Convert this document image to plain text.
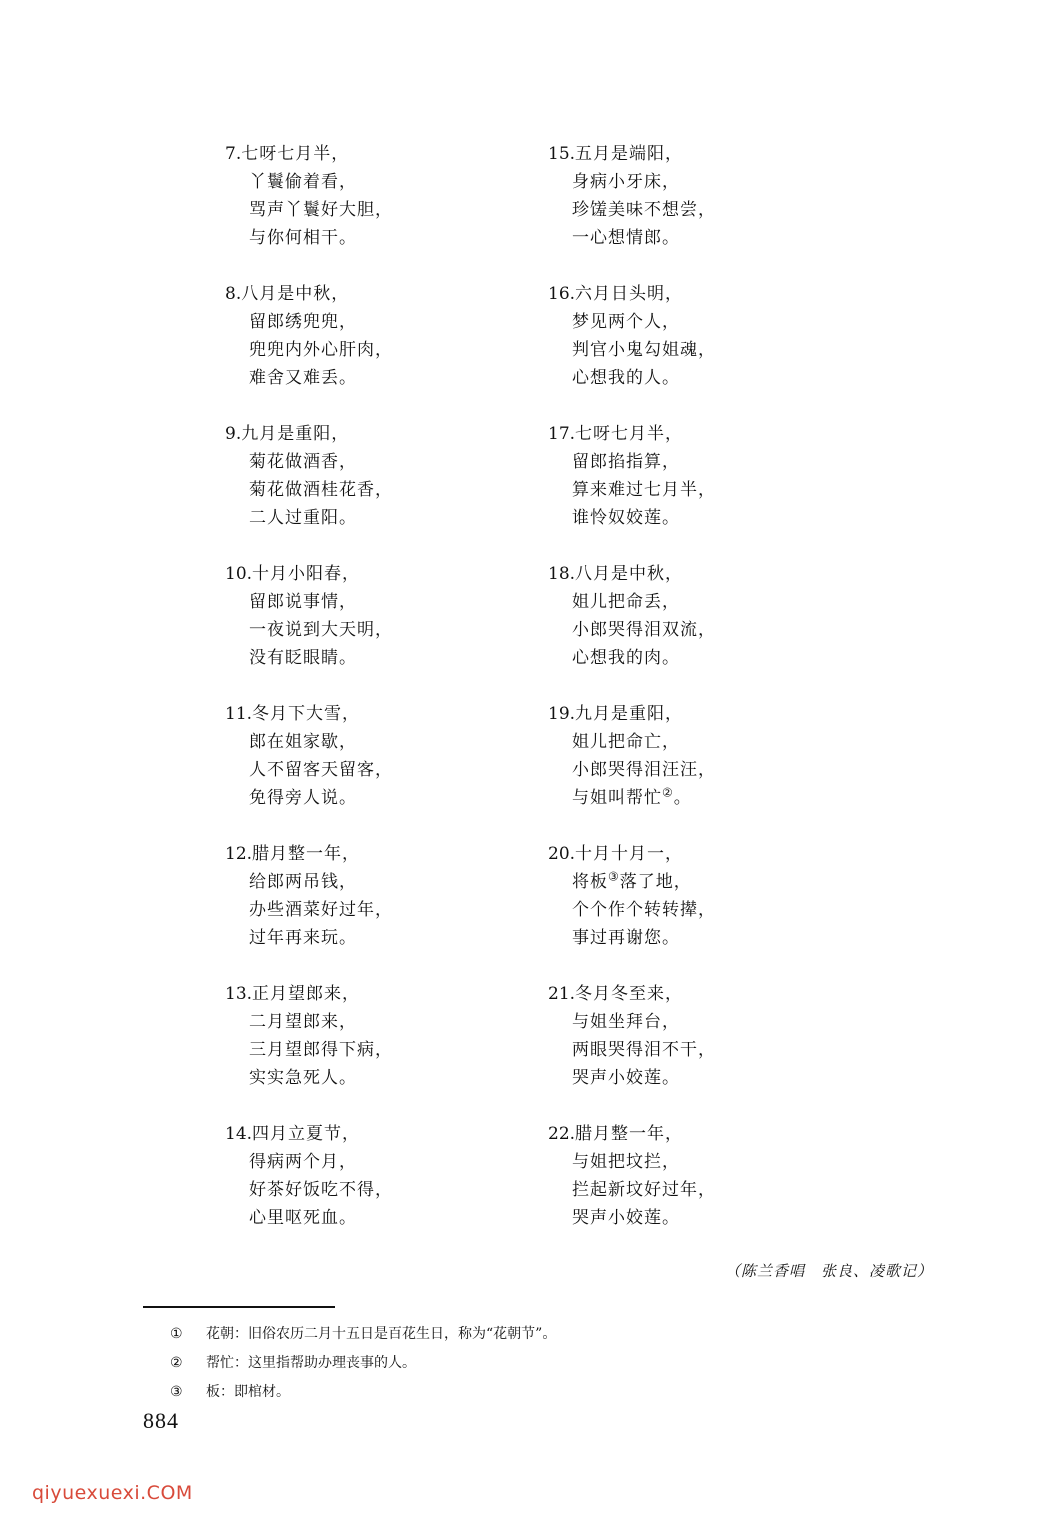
7.七呀七月半，
丫鬟偷着看，
骂声丫鬟好大胆，
与你何相干。
8.八月是中秋，
留郎绣兜兜，
兜兜内外心肝肉，
难舍又难丢。
9.九月是重阳，
菊花做酒香，
菊花做酒桂花香，
二人过重阳。
10.十月小阳春，
留郎说事情，
一夜说到大天明，
没有眨眼睛。
11.冬月下大雪，
郎在姐家歇，
人不留客天留客，
免得旁人说。
12.腊月整一年，
给郎两吊钱，
办些酒菜好过年，
过年再来玩。
13.正月望郎来，
二月望郎来，
三月望郎得下病，
实实急死人。
14.四月立夏节，
得病两个月，
好茶好饭吃不得，
心里呕死血。
15.五月是端阳，
身病小牙床，
珍馐美味不想尝，
一心想情郎。
16.六月日头明，
梦见两个人，
判官小鬼勾姐魂，
心想我的人。
17.七呀七月半，
留郎掐指算，
算来难过七月半，
谁怜奴姣莲。
18.八月是中秋，
姐儿把命丢，
小郎哭得泪双流，
心想我的肉。
19.九月是重阳，
姐儿把命亡，
小郎哭得泪汪汪，
与姐叫帮忙②。
20.十月十月一，
将板③落了地，
个个作个转转撵，
事过再谢您。
21.冬月冬至来，
与姐坐拜台，
两眼哭得泪不干，
哭声小姣莲。
22.腊月整一年，
与姐把坟拦，
拦起新坟好过年，
哭声小姣莲。
（陈兰香唱　张良、凌歌记）
① 花朝：旧俗农历二月十五日是百花生日，称为“花朝节”。
② 帮忙：这里指帮助办理丧事的人。
③ 板：即棺材。
884
qiyuexuexi.COM
